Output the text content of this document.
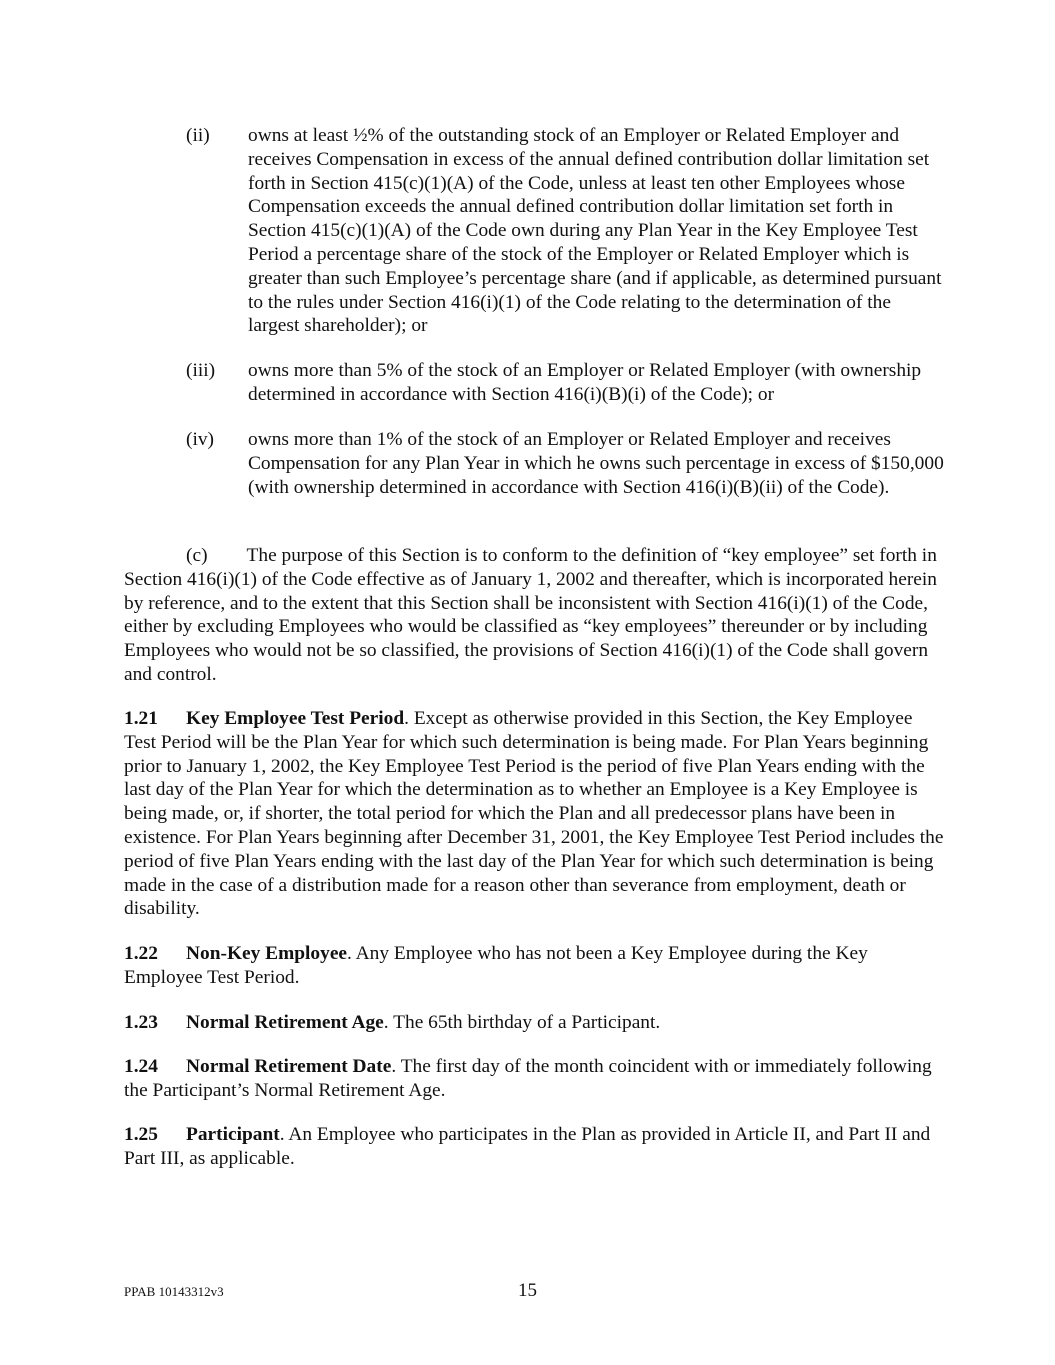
(ii) owns at least ½% of the outstanding stock of an Employer or Related Employer and receives Compensation in excess of the annual defined contribution dollar limitation set forth in Section 415(c)(1)(A) of the Code, unless at least ten other Employees whose Compensation exceeds the annual defined contribution dollar limitation set forth in Section 415(c)(1)(A) of the Code own during any Plan Year in the Key Employee Test Period a percentage share of the stock of the Employer or Related Employer which is greater than such Employee’s percentage share (and if applicable, as determined pursuant to the rules under Section 416(i)(1) of the Code relating to the determination of the largest shareholder); or
(iii) owns more than 5% of the stock of an Employer or Related Employer (with ownership determined in accordance with Section 416(i)(B)(i) of the Code); or
(iv) owns more than 1% of the stock of an Employer or Related Employer and receives Compensation for any Plan Year in which he owns such percentage in excess of $150,000 (with ownership determined in accordance with Section 416(i)(B)(ii) of the Code).
(c) The purpose of this Section is to conform to the definition of “key employee” set forth in Section 416(i)(1) of the Code effective as of January 1, 2002 and thereafter, which is incorporated herein by reference, and to the extent that this Section shall be inconsistent with Section 416(i)(1) of the Code, either by excluding Employees who would be classified as “key employees” thereunder or by including Employees who would not be so classified, the provisions of Section 416(i)(1) of the Code shall govern and control.
1.21 Key Employee Test Period. Except as otherwise provided in this Section, the Key Employee Test Period will be the Plan Year for which such determination is being made. For Plan Years beginning prior to January 1, 2002, the Key Employee Test Period is the period of five Plan Years ending with the last day of the Plan Year for which the determination as to whether an Employee is a Key Employee is being made, or, if shorter, the total period for which the Plan and all predecessor plans have been in existence. For Plan Years beginning after December 31, 2001, the Key Employee Test Period includes the period of five Plan Years ending with the last day of the Plan Year for which such determination is being made in the case of a distribution made for a reason other than severance from employment, death or disability.
1.22 Non-Key Employee. Any Employee who has not been a Key Employee during the Key Employee Test Period.
1.23 Normal Retirement Age. The 65th birthday of a Participant.
1.24 Normal Retirement Date. The first day of the month coincident with or immediately following the Participant’s Normal Retirement Age.
1.25 Participant. An Employee who participates in the Plan as provided in Article II, and Part II and Part III, as applicable.
PPAB 10143312v3	15
